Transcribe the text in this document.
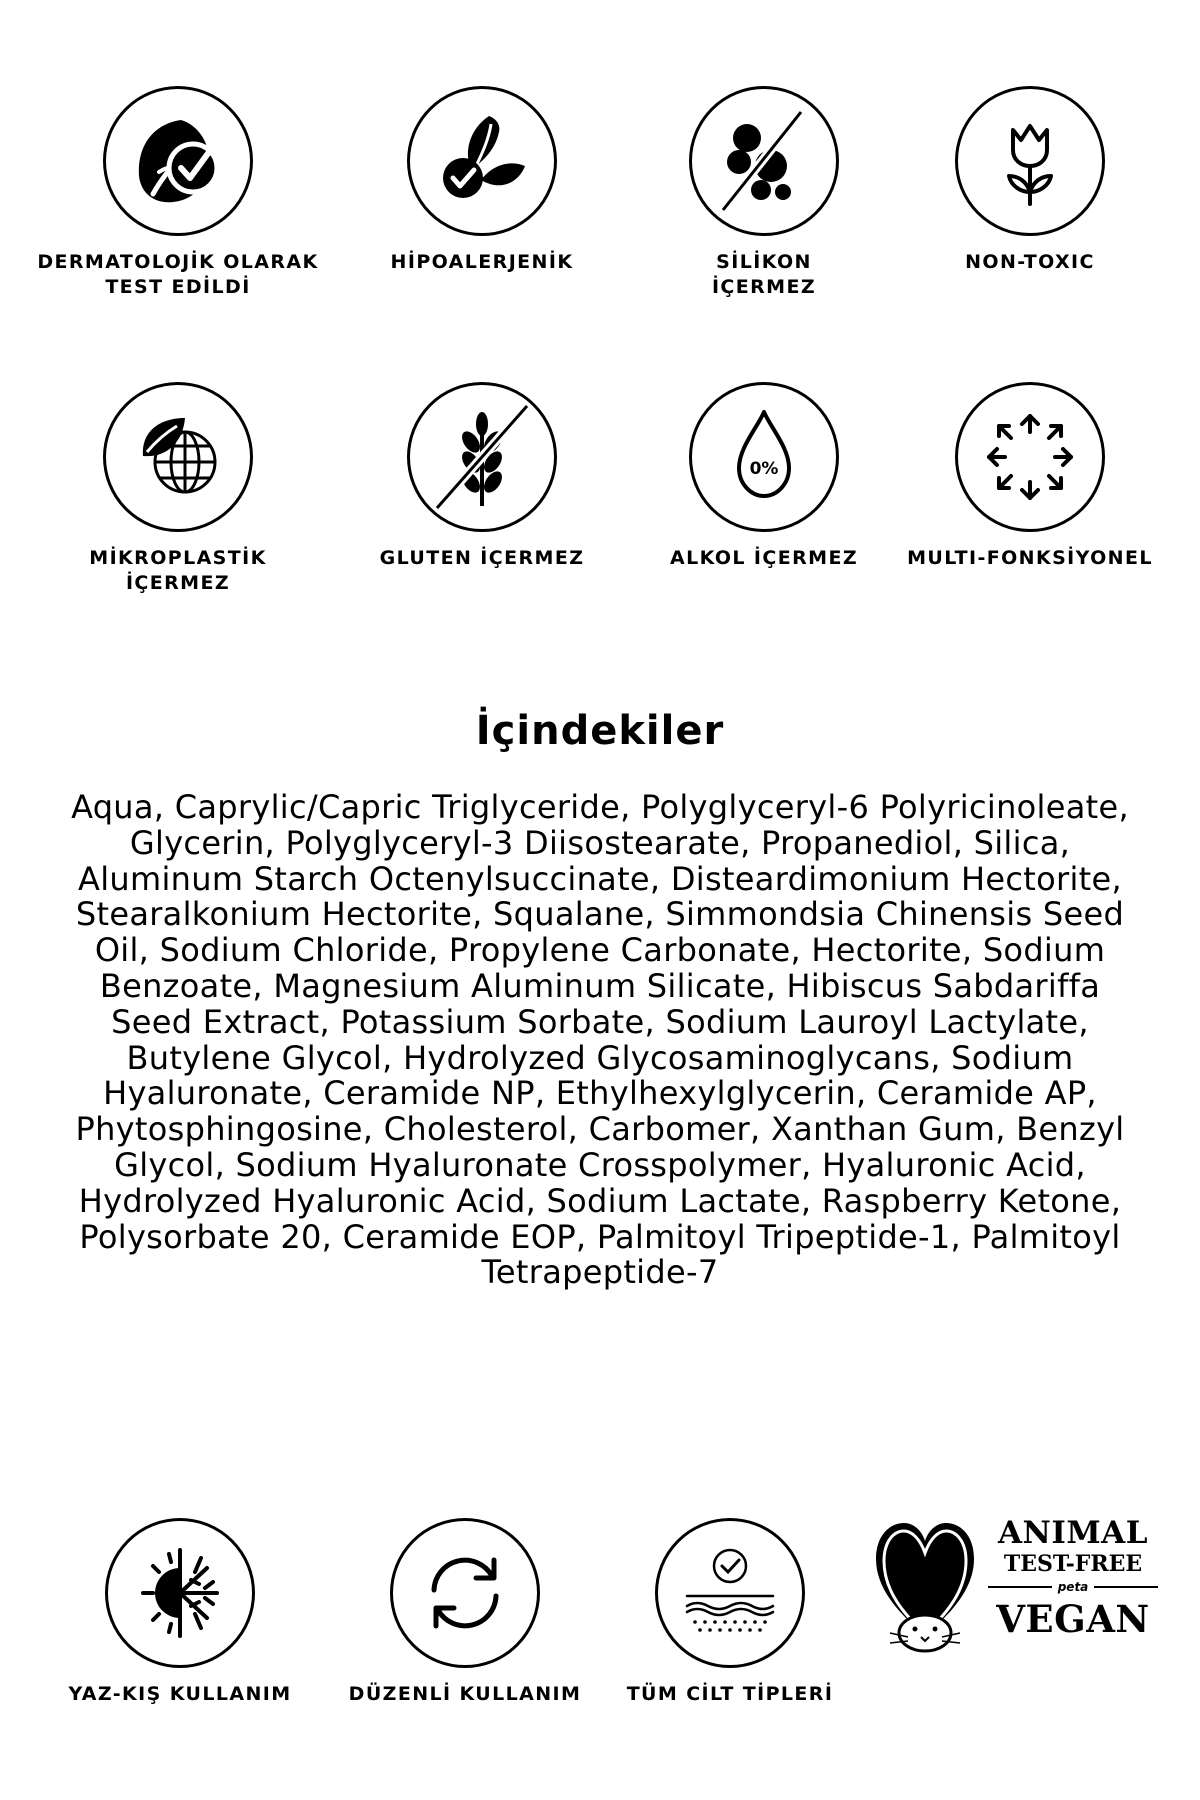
DERMATOLOJİK OLARAK
TEST EDİLDİ
HİPOALERJENİK	SİLİKON
İÇERMEZ
NON-TOXIC
MİKROPLASTİK
İÇERMEZ
GLUTEN İÇERMEZ
0%
ALKOL İÇERMEZ	MULTI-FONKSİYONEL
İçindekiler

Aqua, Caprylic/Capric Triglyceride, Polyglyceryl-6 Polyricinoleate, Glycerin, Polyglyceryl-3 Diisostearate, Propanediol, Silica, Aluminum Starch Octenylsuccinate, Disteardimonium Hectorite, Stearalkonium Hectorite, Squalane, Simmondsia Chinensis Seed Oil, Sodium Chloride, Propylene Carbonate, Hectorite, Sodium Benzoate, Magnesium Aluminum Silicate, Hibiscus Sabdariffa Seed Extract, Potassium Sorbate, Sodium Lauroyl Lactylate, Butylene Glycol, Hydrolyzed Glycosaminoglycans, Sodium Hyaluronate, Ceramide NP, Ethylhexylglycerin, Ceramide AP, Phytosphingosine, Cholesterol, Carbomer, Xanthan Gum, Benzyl Glycol, Sodium Hyaluronate Crosspolymer, Hyaluronic Acid, Hydrolyzed Hyaluronic Acid, Sodium Lactate, Raspberry Ketone, Polysorbate 20, Ceramide EOP, Palmitoyl Tripeptide-1, Palmitoyl Tetrapeptide-7

YAZ-KIŞ KULLANIM	DÜZENLİ KULLANIM	TÜM CİLT TİPLERİ
ANIMAL
TEST-FREE
peta
VEGAN
